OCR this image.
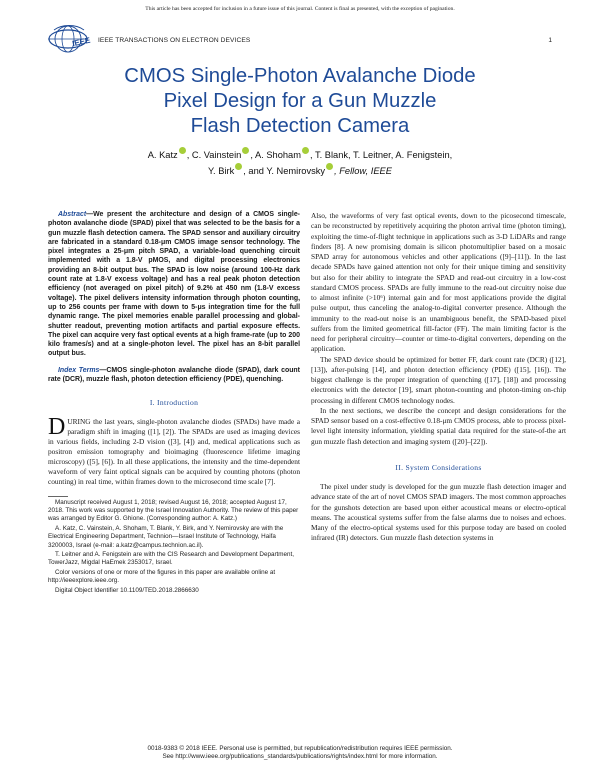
This article has been accepted for inclusion in a future issue of this journal. Content is final as presented, with the exception of pagination.
IEEE IEEE TRANSACTIONS ON ELECTRON DEVICES	1
CMOS Single-Photon Avalanche Diode
Pixel Design for a Gun Muzzle
Flash Detection Camera
A. Katz , C. Vainstein , A. Shoham , T. Blank, T. Leitner, A. Fenigstein,
Y. Birk , and Y. Nemirovsky , Fellow, IEEE

Abstract—We present the architecture and design of a CMOS single-photon avalanche diode (SPAD) pixel that was selected to be the basis for a gun muzzle flash detection camera. The SPAD sensor and auxiliary circuitry are fabricated in a standard 0.18-μm CMOS image sensor technology. The pixel integrates a 25-μm pitch SPAD, a variable-load quenching circuit implemented with a 1.8-V pMOS, and digital processing electronics providing an 8-bit output bus. The SPAD is low noise (around 100-Hz dark count rate at 1.8-V excess voltage) and has a real peak photon detection efficiency (not averaged on pixel pitch) of 9.2% at 450 nm (1.8-V excess voltage). The pixel delivers intensity information through photon counting, up to 256 counts per frame with down to 5-μs integration time for the full dynamic range. The pixel memories enable parallel processing and global-shutter readout, preventing motion artifacts and partial exposure effects. The pixel can acquire very fast optical events at a high frame-rate (up to 200 kilo frames/s) and at a single-photon level. The pixel has an 8-bit parallel output bus.

Index Terms—CMOS single-photon avalanche diode (SPAD), dark count rate (DCR), muzzle flash, photon detection efficiency (PDE), quenching.

I. Introduction

DURING the last years, single-photon avalanche diodes (SPADs) have made a paradigm shift in imaging ([1], [2]). The SPADs are used as imaging devices in various fields, including 2-D vision ([3], [4]) and, medical applications such as positron emission tomography and bioimaging (fluorescence lifetime imaging microscopy) ([5], [6]). In all these applications, the intensity and the time-dependent waveform of very faint optical signals can be acquired by counting photons (photon counting) in real time, within frames down to the microsecond time scale [7].

Manuscript received August 1, 2018; revised August 16, 2018; accepted August 17, 2018. This work was supported by the Israel Innovation Authority. The review of this paper was arranged by Editor G. Ghione. (Corresponding author: A. Katz.)

A. Katz, C. Vainstein, A. Shoham, T. Blank, Y. Birk, and Y. Nemirovsky are with the Electrical Engineering Department, Technion—Israel Institute of Technology, Haifa 3200003, Israel (e-mail: a.katz@campus.technion.ac.il).

T. Leitner and A. Fenigstein are with the CIS Research and Development Department, TowerJazz, Migdal HaEmek 2353017, Israel.

Color versions of one or more of the figures in this paper are available online at http://ieeexplore.ieee.org.

Digital Object Identifier 10.1109/TED.2018.2866630

Also, the waveforms of very fast optical events, down to the picosecond timescale, can be reconstructed by repetitively acquiring the photon arrival time (photon timing), exploiting the time-of-flight technique in applications such as 3-D LiDARs and range finders [8]. A new promising domain is silicon photomultiplier based on a mosaic SPAD array for autonomous vehicles and other applications ([9]–[11]). In the last decade SPADs have gained attention not only for their unique timing and sensitivity but also for their ability to integrate the SPAD and read-out circuitry in a low-cost standard CMOS process. SPADs are fully immune to the read-out circuitry noise due to almost infinite (>10⁶) internal gain and for most applications provide the digital pulse output, thus canceling the analog-to-digital converter presence. Although the immunity to the read-out noise is an unambiguous benefit, the SPAD-based pixel suffers from the limited geometrical fill-factor (FF). The main limiting factor is the need for peripheral circuitry—counter or time-to-digital converters, depending on the application.

The SPAD device should be optimized for better FF, dark count rate (DCR) ([12], [13]), after-pulsing [14], and photon detection efficiency (PDE) ([15], [16]). The biggest challenge is the proper integration of quenching ([17], [18]) and processing electronics with the detector [19], smart photon-counting and photon-timing on-chip processing in different CMOS technology nodes.

In the next sections, we describe the concept and design considerations for the SPAD sensor based on a cost-effective 0.18-μm CMOS process, able to process pixel-level light intensity information, yielding spatial data required for the state-of-the art gun muzzle flash detection and imaging system ([20]–[22]).

II. System Considerations

The pixel under study is developed for the gun muzzle flash detection imager and advance state of the art of novel CMOS SPAD imagers. The most common approaches for the gunshots detection are based upon either acoustical means or electro-optical means. The acoustical systems suffer from the false alarms due to noises and echoes. Many of the electro-optical systems used for this purpose today are based on cooled infrared (IR) detectors. Gun muzzle flash detection systems in

0018-9383 © 2018 IEEE. Personal use is permitted, but republication/redistribution requires IEEE permission.
See http://www.ieee.org/publications_standards/publications/rights/index.html for more information.
